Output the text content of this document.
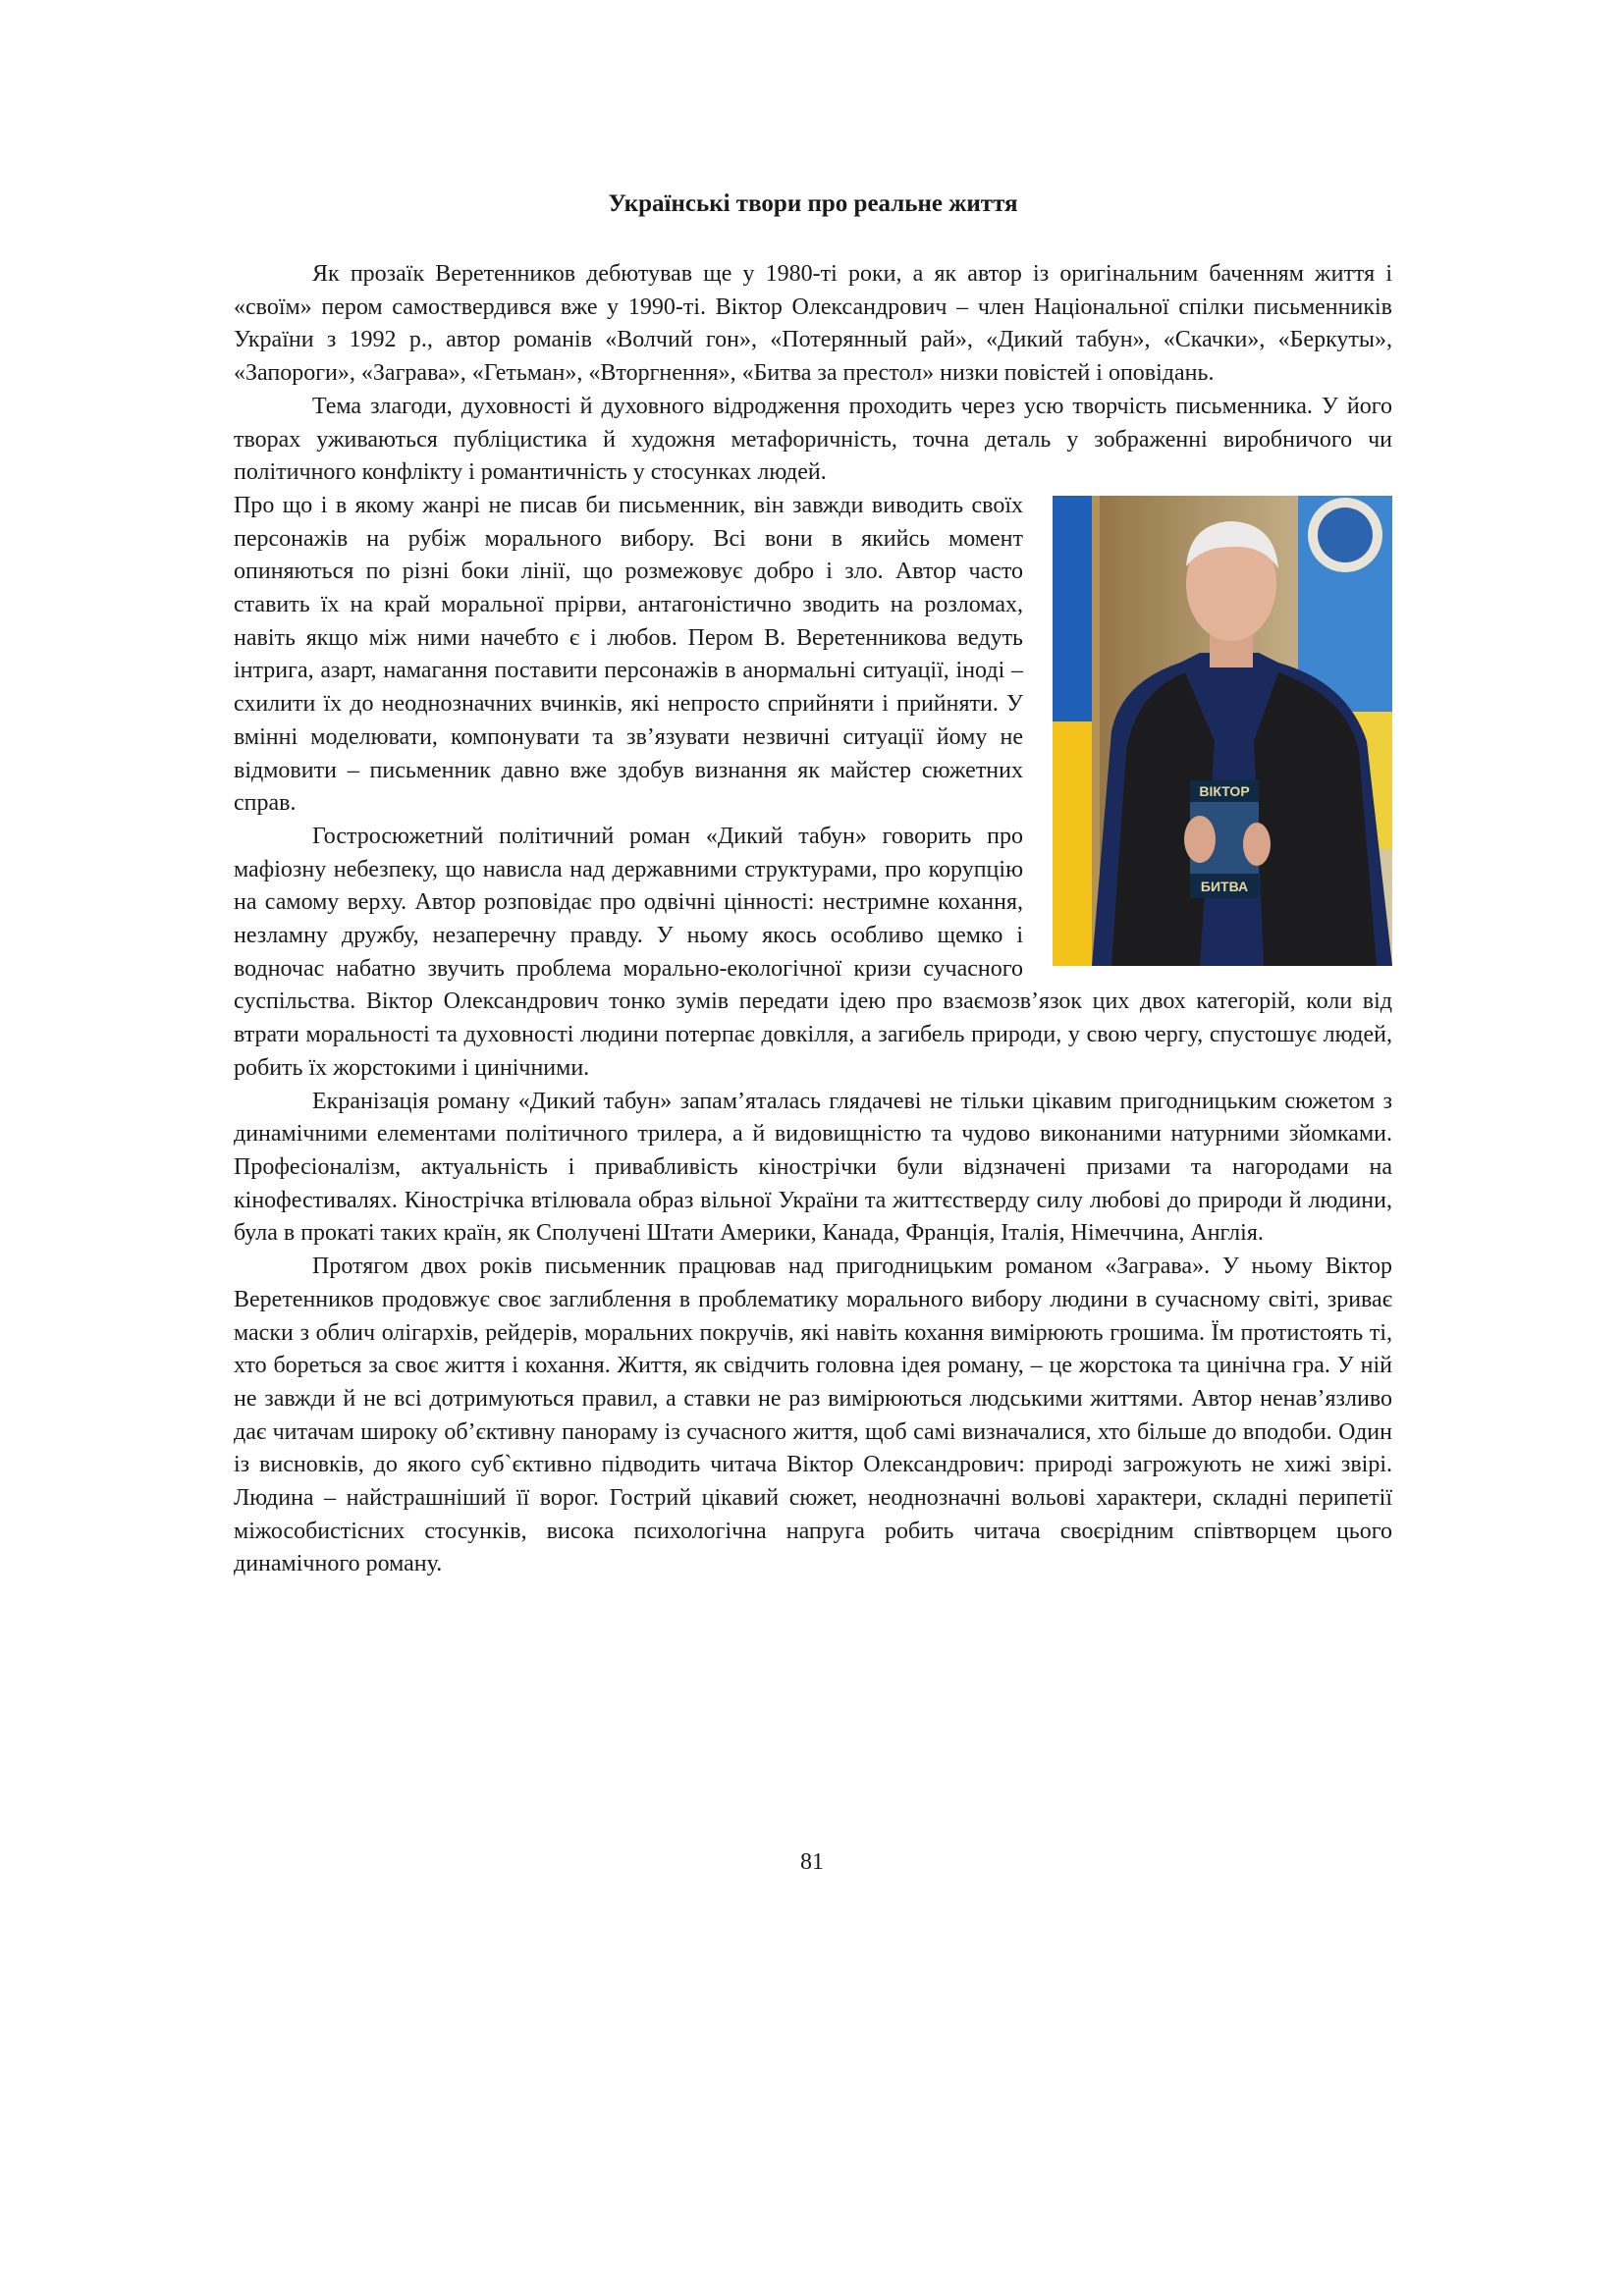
Українські твори про реальне життя

Як прозаїк Веретенников дебютував ще у 1980-ті роки, а як автор із оригінальним баченням життя і «своїм» пером самоствердився вже у 1990-ті. Віктор Олександрович – член Національної спілки письменників України з 1992 р., автор романів «Волчий гон», «Потерянный рай», «Дикий табун», «Скачки», «Беркуты», «Запороги», «Заграва», «Гетьман», «Вторгнення», «Битва за престол» низки повістей і оповідань.

Тема злагоди, духовності й духовного відродження проходить через усю творчість письменника. У його творах уживаються публіцистика й художня метафоричність, точна деталь у зображенні виробничого чи політичного конфлікту і романтичність у стосунках людей.

ВІКТОР
БИТВА

Про що і в якому жанрі не писав би письменник, він завжди виводить своїх персонажів на рубіж морального вибору. Всі вони в якийсь момент опиняються по різні боки лінії, що розмежовує добро і зло. Автор часто ставить їх на край моральної прірви, антагоністично зводить на розломах, навіть якщо між ними начебто є і любов. Пером В. Веретенникова ведуть інтрига, азарт, намагання поставити персонажів в анормальні ситуації, іноді – схилити їх до неоднозначних вчинків, які непросто сприйняти і прийняти. У вмінні моделювати, компонувати та зв’язувати незвичні ситуації йому не відмовити – письменник давно вже здобув визнання як майстер сюжетних справ.

Гостросюжетний політичний роман «Дикий табун» говорить про мафіозну небезпеку, що нависла над державними структурами, про корупцію на самому верху. Автор розповідає про одвічні цінності: нестримне кохання, незламну дружбу, незаперечну правду. У ньому якось особливо щемко і водночас набатно звучить проблема морально-екологічної кризи сучасного суспільства. Віктор Олександрович тонко зумів передати ідею про взаємозв’язок цих двох категорій, коли від втрати моральності та духовності людини потерпає довкілля, а загибель природи, у свою чергу, спустошує людей, робить їх жорстокими і цинічними.

Екранізація роману «Дикий табун» запам’яталась глядачеві не тільки цікавим пригодницьким сюжетом з динамічними елементами політичного трилера, а й видовищністю та чудово виконаними натурними зйомками. Професіоналізм, актуальність і привабливість кінострічки були відзначені призами та нагородами на кінофестивалях. Кінострічка втілювала образ вільної України та життєстверду силу любові до природи й людини, була в прокаті таких країн, як Сполучені Штати Америки, Канада, Франція, Італія, Німеччина, Англія.

Протягом двох років письменник працював над пригодницьким романом «Заграва». У ньому Віктор Веретенников продовжує своє заглиблення в проблематику морального вибору людини в сучасному світі, зриває маски з облич олігархів, рейдерів, моральних покручів, які навіть кохання вимірюють грошима. Їм протистоять ті, хто бореться за своє життя і кохання. Життя, як свідчить головна ідея роману, – це жорстока та цинічна гра. У ній не завжди й не всі дотримуються правил, а ставки не раз вимірюються людськими життями. Автор ненав’язливо дає читачам широку об’єктивну панораму із сучасного життя, щоб самі визначалися, хто більше до вподоби. Один із висновків, до якого суб`єктивно підводить читача Віктор Олександрович: природі загрожують не хижі звірі. Людина – найстрашніший її ворог. Гострий цікавий сюжет, неоднозначні вольові характери, складні перипетії міжособистісних стосунків, висока психологічна напруга робить читача своєрідним співтворцем цього динамічного роману.

81
